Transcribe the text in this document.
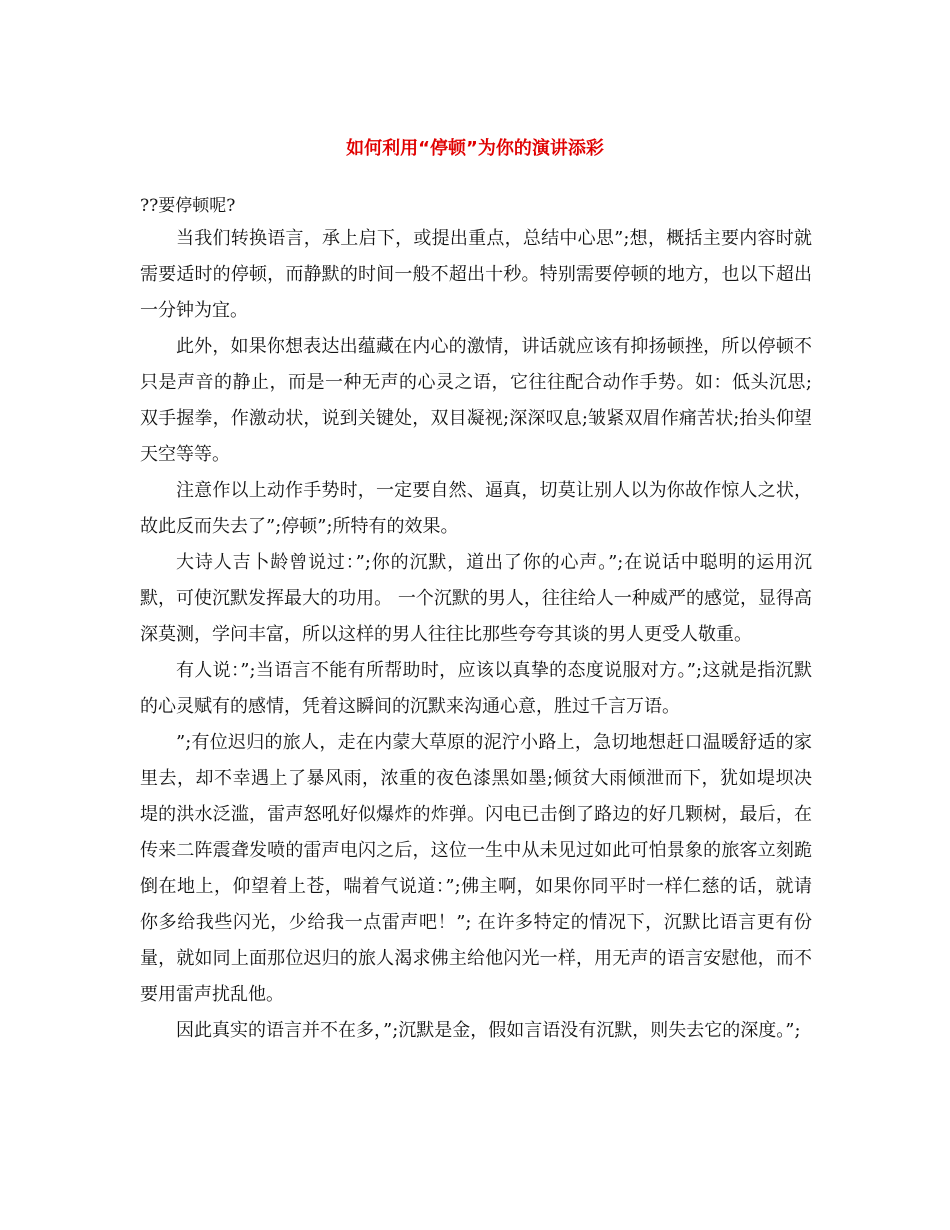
如何利用“停顿”为你的演讲添彩

??要停顿呢?

当我们转换语言，承上启下，或提出重点，总结中心思”;想，概括主要内容时就需要适时的停顿，而静默的时间一般不超出十秒。特别需要停顿的地方，也以下超出一分钟为宜。

此外，如果你想表达出蕴藏在内心的激情，讲话就应该有抑扬顿挫，所以停顿不只是声音的静止，而是一种无声的心灵之语，它往往配合动作手势。如：低头沉思;双手握拳，作激动状，说到关键处，双目凝视;深深叹息;皱紧双眉作痛苦状;抬头仰望天空等等。

注意作以上动作手势时，一定要自然、逼真，切莫让别人以为你故作惊人之状，故此反而失去了”;停顿”;所特有的效果。

大诗人吉卜龄曾说过：”;你的沉默，道出了你的心声。”;在说话中聪明的运用沉默，可使沉默发挥最大的功用。 一个沉默的男人，往往给人一种威严的感觉，显得高深莫测，学问丰富，所以这样的男人往往比那些夸夸其谈的男人更受人敬重。

有人说：”;当语言不能有所帮助时，应该以真挚的态度说服对方。”;这就是指沉默的心灵赋有的感情，凭着这瞬间的沉默来沟通心意，胜过千言万语。

”;有位迟归的旅人，走在内蒙大草原的泥泞小路上，急切地想赶口温暖舒适的家里去，却不幸遇上了暴风雨，浓重的夜色漆黑如墨;倾贫大雨倾泄而下，犹如堤坝决堤的洪水泛滥，雷声怒吼好似爆炸的炸弹。闪电已击倒了路边的好几颗树，最后，在传来二阵震聋发喷的雷声电闪之后，这位一生中从未见过如此可怕景象的旅客立刻跪倒在地上，仰望着上苍，喘着气说道：”;佛主啊，如果你同平时一样仁慈的话，就请你多给我些闪光，少给我一点雷声吧！”; 在许多特定的情况下，沉默比语言更有份量，就如同上面那位迟归的旅人渴求佛主给他闪光一样，用无声的语言安慰他，而不要用雷声扰乱他。

因此真实的语言并不在多，”;沉默是金，假如言语没有沉默，则失去它的深度。”;
